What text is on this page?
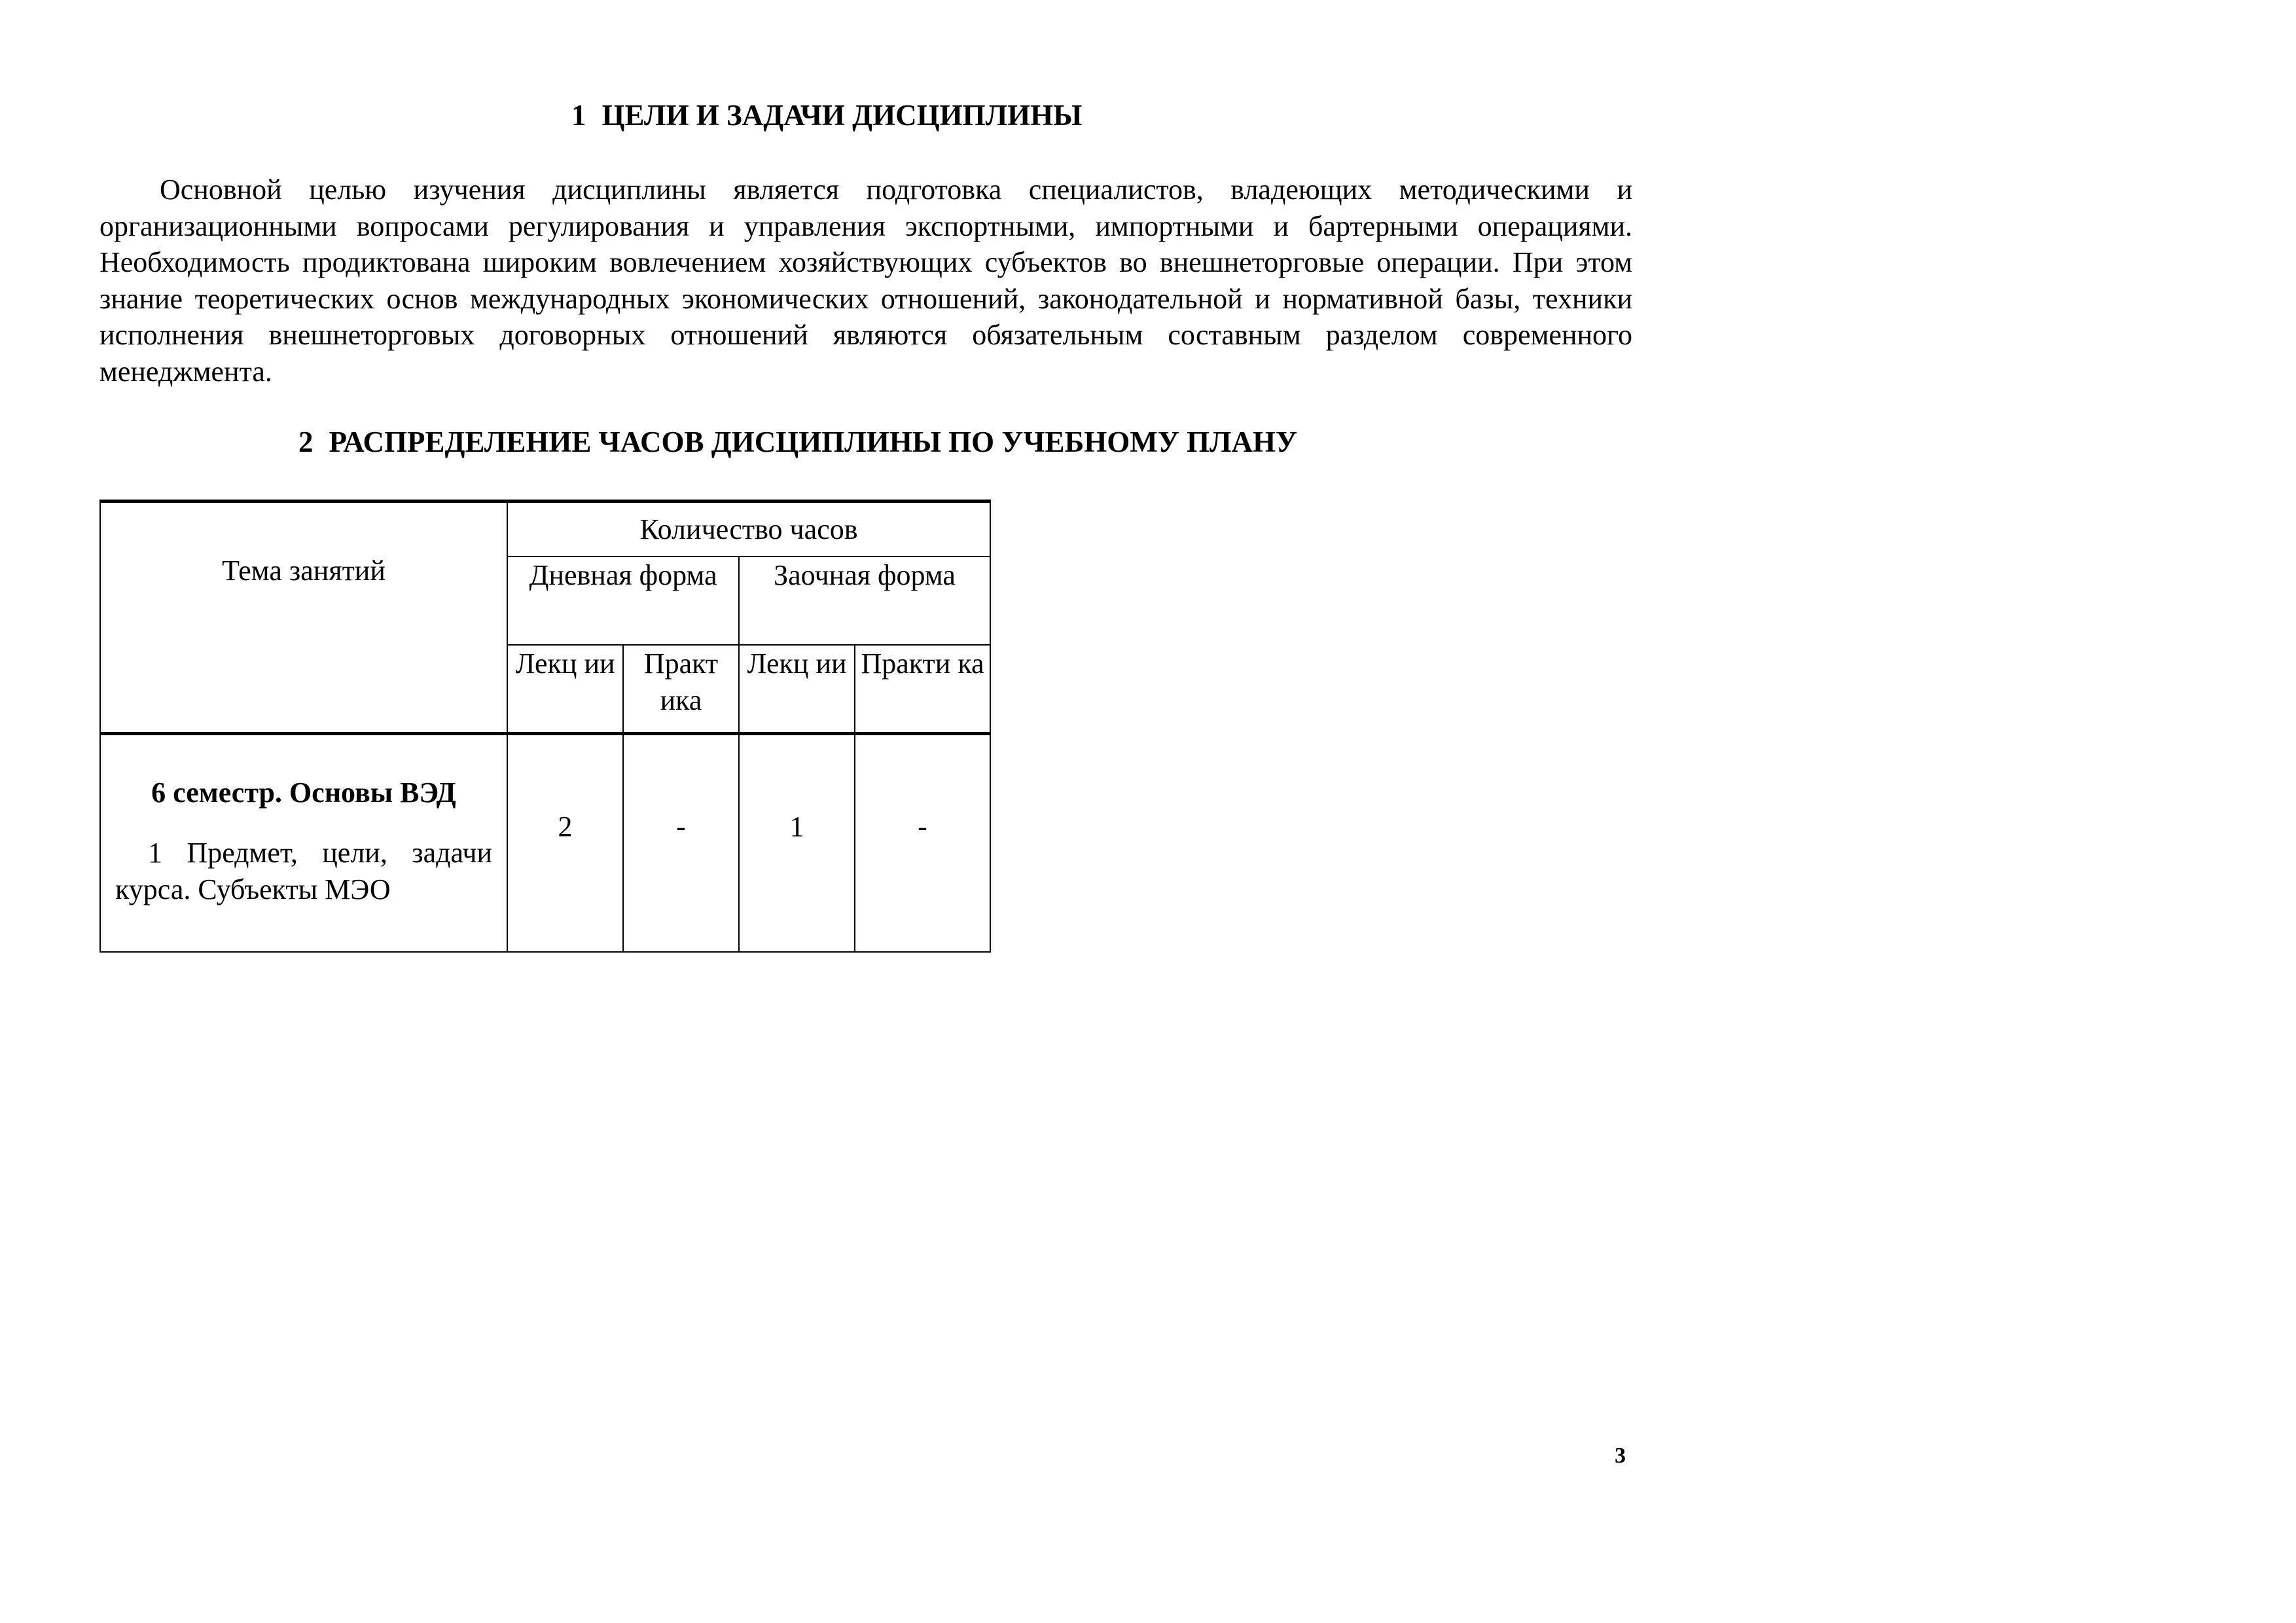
1 ЦЕЛИ И ЗАДАЧИ ДИСЦИПЛИНЫ

Основной целью изучения дисциплины является подготовка специалистов, владеющих методическими и организационными вопросами регулирования и управления экспортными, импортными и бартерными операциями. Необходимость продиктована широким вовлечением хозяйствующих субъектов во внешнеторговые операции. При этом знание теоретических основ международных экономических отношений, законодательной и нормативной базы, техники исполнения внешнеторговых договорных отношений являются обязательным составным разделом современного менеджмента.

2 РАСПРЕДЕЛЕНИЕ ЧАСОВ ДИСЦИПЛИНЫ ПО УЧЕБНОМУ ПЛАНУ
Тема занятий	Количество часов			
	Дневная форма		Заочная форма	
	Лекц ии	Практ ика	Лекц ии	Практи ка

6 семестр. Основы ВЭД
1 Предмет, цели, задачи курса. Субъекты МЭО	2	-	1	-
3
